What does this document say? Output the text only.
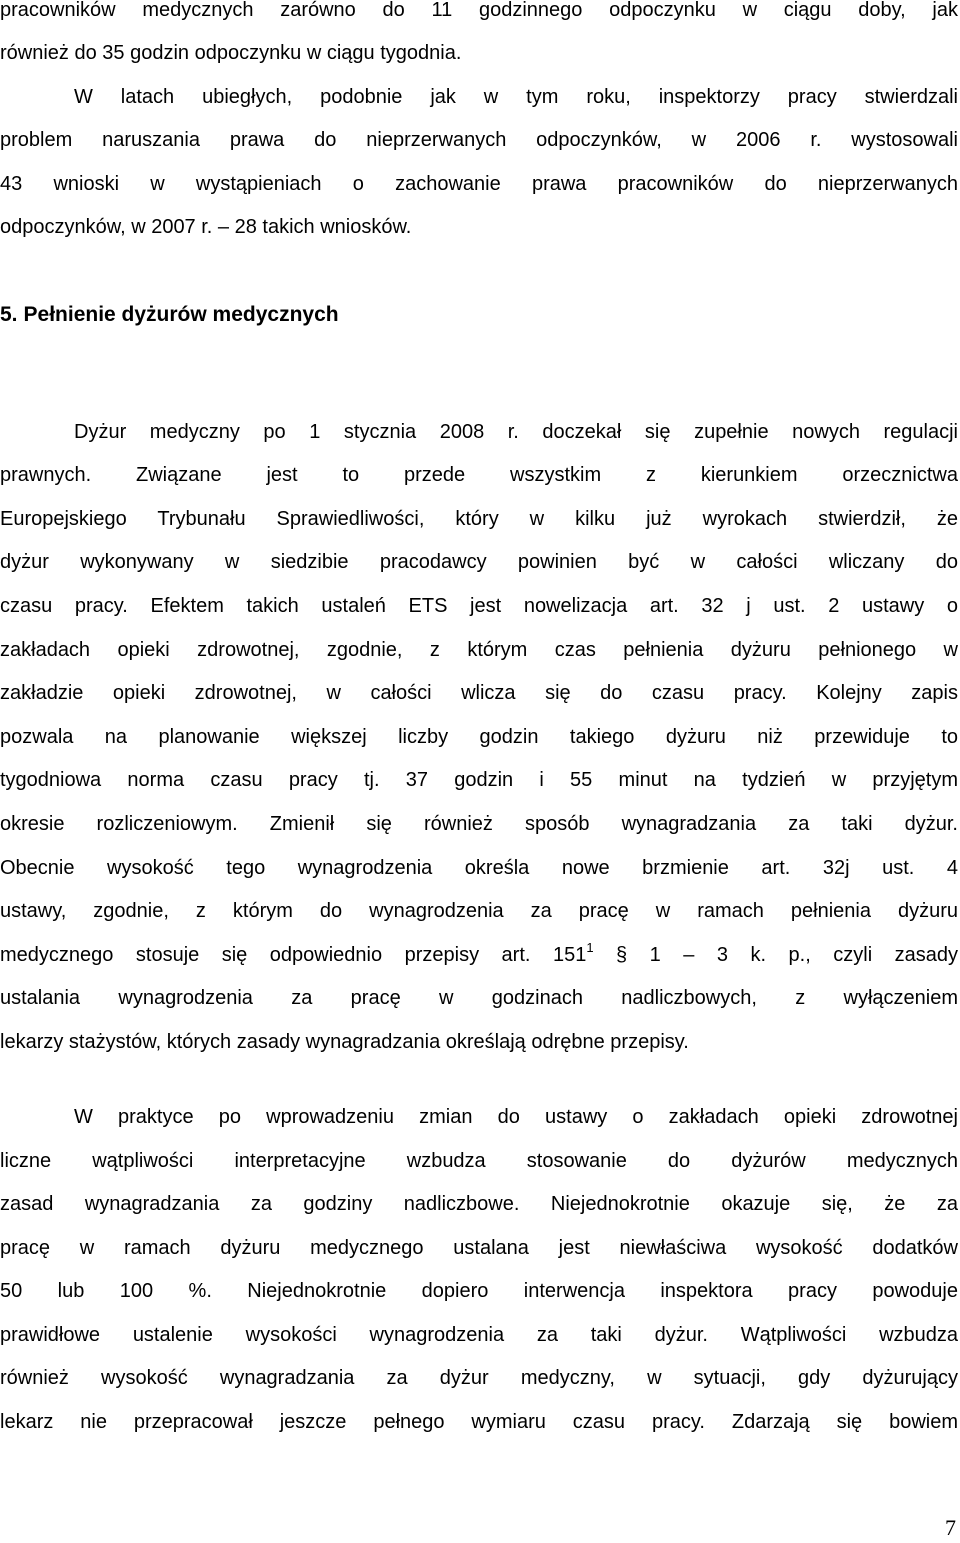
pracowników medycznych zarówno do 11 godzinnego odpoczynku w ciągu doby, jak
również do 35 godzin odpoczynku w ciągu tygodnia.
W latach ubiegłych, podobnie jak w tym roku, inspektorzy pracy stwierdzali
problem naruszania prawa do nieprzerwanych odpoczynków, w 2006 r. wystosowali
43 wnioski w wystąpieniach o zachowanie prawa pracowników do nieprzerwanych
odpoczynków, w 2007 r. – 28 takich wniosków.
5. Pełnienie dyżurów medycznych
Dyżur medyczny po 1 stycznia 2008 r. doczekał się zupełnie nowych regulacji
prawnych. Związane jest to przede wszystkim z kierunkiem orzecznictwa
Europejskiego Trybunału Sprawiedliwości, który w kilku już wyrokach stwierdził, że
dyżur wykonywany w siedzibie pracodawcy powinien być w całości wliczany do
czasu pracy. Efektem takich ustaleń ETS jest nowelizacja art. 32 j ust. 2 ustawy o
zakładach opieki zdrowotnej, zgodnie, z którym czas pełnienia dyżuru pełnionego w
zakładzie opieki zdrowotnej, w całości wlicza się do czasu pracy. Kolejny zapis
pozwala na planowanie większej liczby godzin takiego dyżuru niż przewiduje to
tygodniowa norma czasu pracy tj. 37 godzin i 55 minut na tydzień w przyjętym
okresie rozliczeniowym. Zmienił się również sposób wynagradzania za taki dyżur.
Obecnie wysokość tego wynagrodzenia określa nowe brzmienie art. 32j ust. 4
ustawy, zgodnie, z którym do wynagrodzenia za pracę w ramach pełnienia dyżuru
medycznego stosuje się odpowiednio przepisy art. $151^1$ § 1 – 3 k. p., czyli zasady
ustalania wynagrodzenia za pracę w godzinach nadliczbowych, z wyłączeniem
lekarzy stażystów, których zasady wynagradzania określają odrębne przepisy.
W praktyce po wprowadzeniu zmian do ustawy o zakładach opieki zdrowotnej
liczne wątpliwości interpretacyjne wzbudza stosowanie do dyżurów medycznych
zasad wynagradzania za godziny nadliczbowe. Niejednokrotnie okazuje się, że za
pracę w ramach dyżuru medycznego ustalana jest niewłaściwa wysokość dodatków
50 lub 100 %. Niejednokrotnie dopiero interwencja inspektora pracy powoduje
prawidłowe ustalenie wysokości wynagrodzenia za taki dyżur. Wątpliwości wzbudza
również wysokość wynagradzania za dyżur medyczny, w sytuacji, gdy dyżurujący
lekarz nie przepracował jeszcze pełnego wymiaru czasu pracy. Zdarzają się bowiem
7
